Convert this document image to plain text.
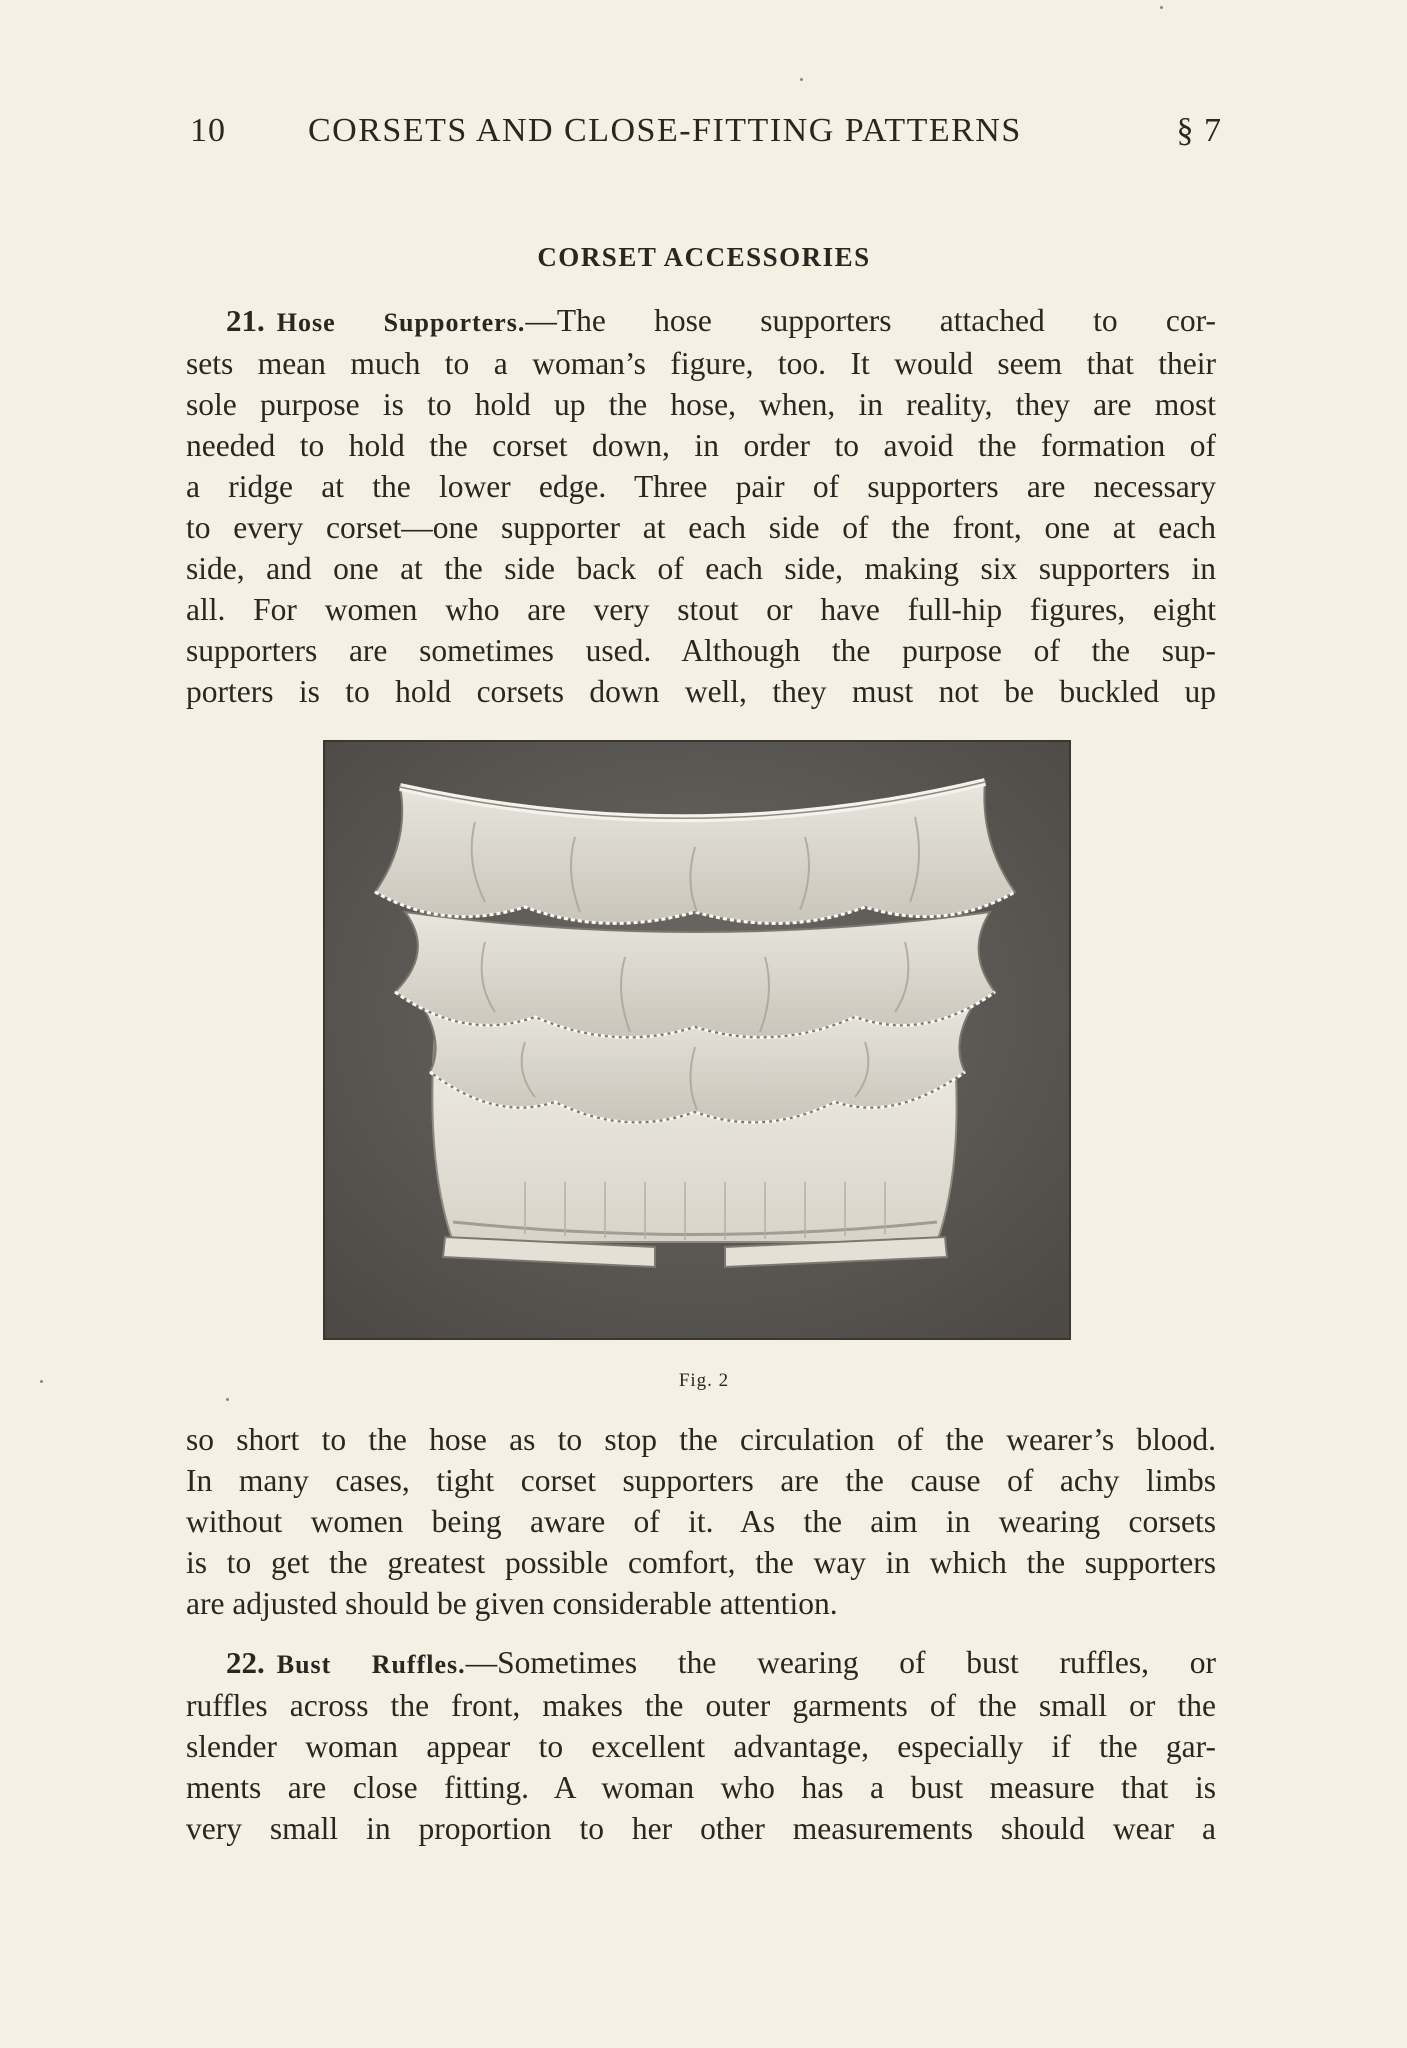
10 CORSETS AND CLOSE-FITTING PATTERNS	§ 7
CORSET ACCESSORIES
21. Hose Supporters.—The hose supporters attached to cor-
sets mean much to a woman’s figure, too. It would seem that their
sole purpose is to hold up the hose, when, in reality, they are most
needed to hold the corset down, in order to avoid the formation of
a ridge at the lower edge. Three pair of supporters are necessary
to every corset—one supporter at each side of the front, one at each
side, and one at the side back of each side, making six supporters in
all. For women who are very stout or have full-hip figures, eight
supporters are sometimes used. Although the purpose of the sup-
porters is to hold corsets down well, they must not be buckled up
Fig. 2
so short to the hose as to stop the circulation of the wearer’s blood.
In many cases, tight corset supporters are the cause of achy limbs
without women being aware of it. As the aim in wearing corsets
is to get the greatest possible comfort, the way in which the supporters
are adjusted should be given considerable attention.
22. Bust Ruffles.—Sometimes the wearing of bust ruffles, or
ruffles across the front, makes the outer garments of the small or the
slender woman appear to excellent advantage, especially if the gar-
ments are close fitting. A woman who has a bust measure that is
very small in proportion to her other measurements should wear a
